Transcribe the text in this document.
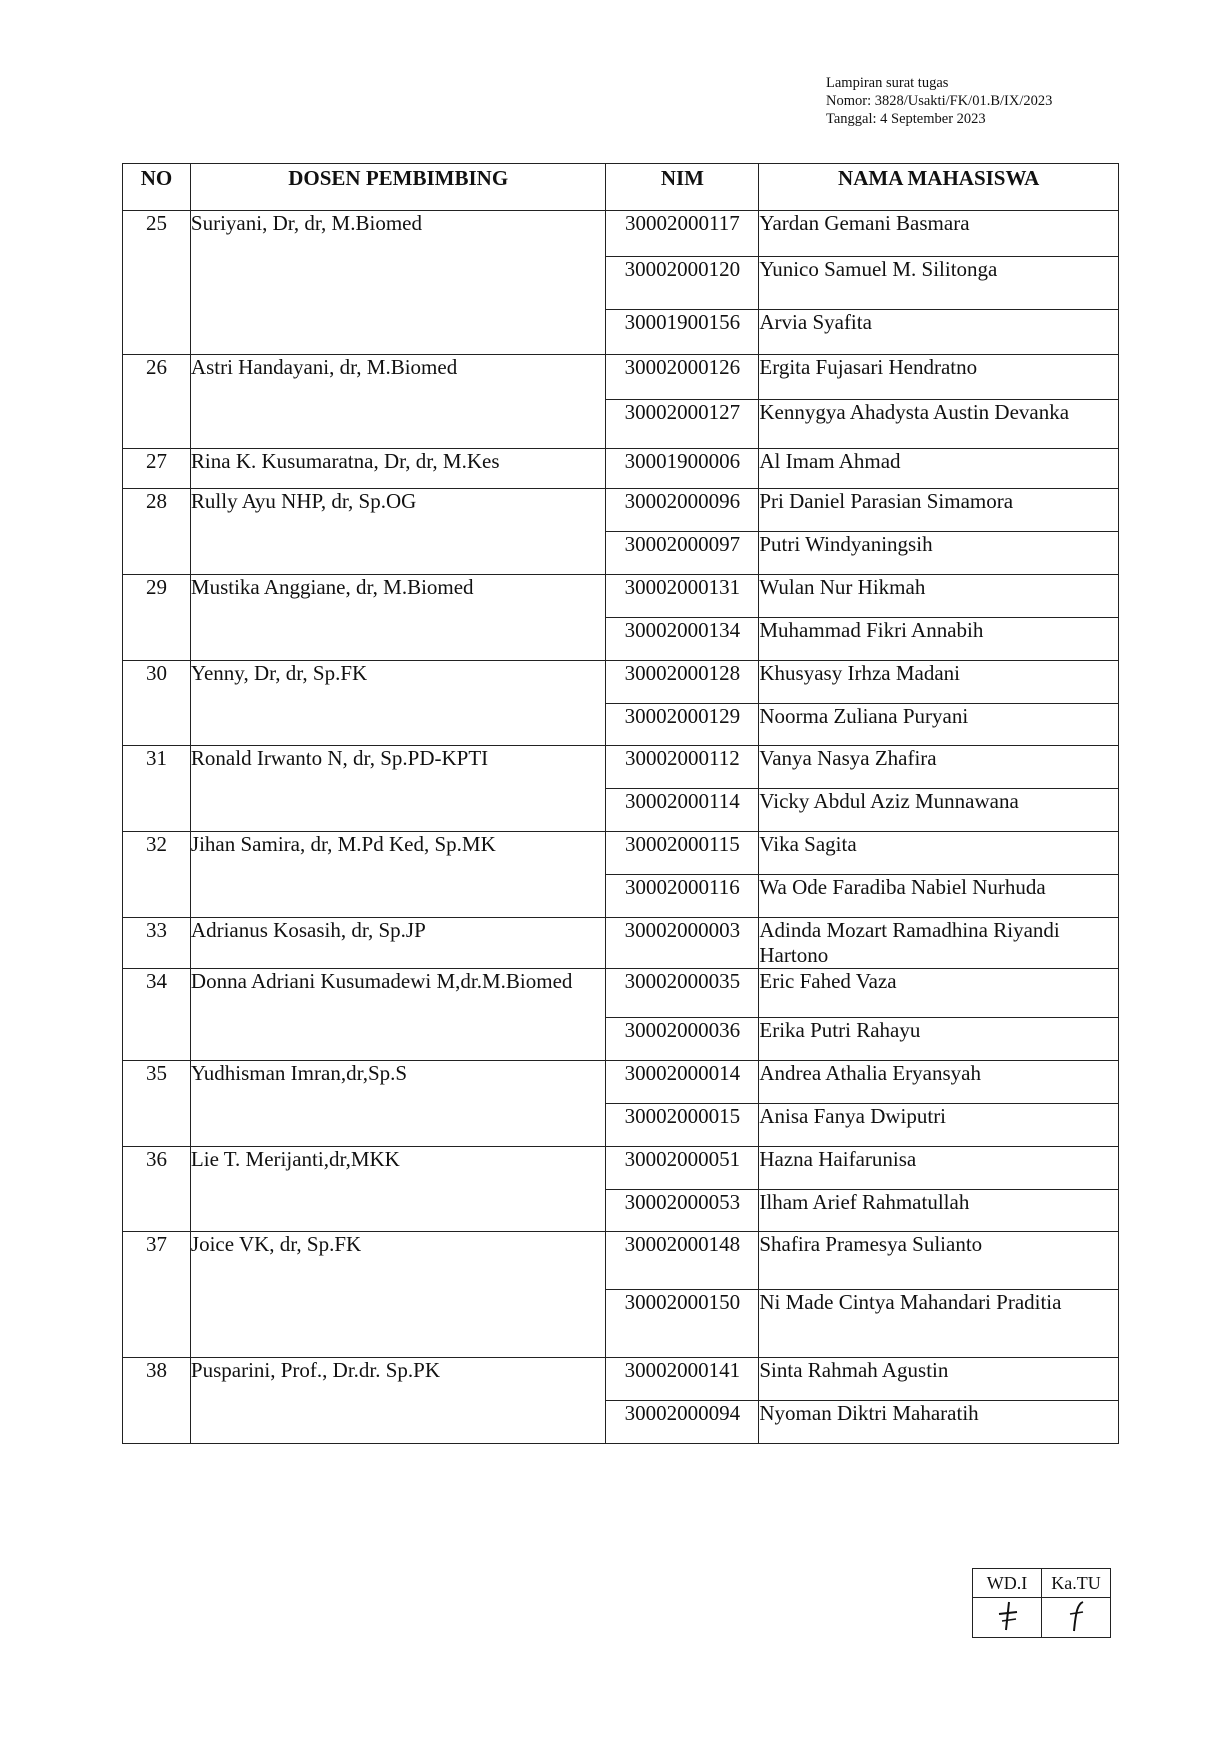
Lampiran surat tugas
Nomor: 3828/Usakti/FK/01.B/IX/2023
Tanggal: 4 September 2023
NO	DOSEN PEMBIMBING	NIM	NAMA MAHASISWA
25	Suriyani, Dr, dr, M.Biomed	30002000117	Yardan Gemani Basmara
		30002000120	Yunico Samuel M. Silitonga
		30001900156	Arvia Syafita
26	Astri Handayani, dr, M.Biomed	30002000126	Ergita Fujasari Hendratno
		30002000127	Kennygya Ahadysta Austin Devanka
27	Rina K. Kusumaratna, Dr, dr, M.Kes	30001900006	Al Imam Ahmad
28	Rully Ayu NHP, dr, Sp.OG	30002000096	Pri Daniel Parasian Simamora
		30002000097	Putri Windyaningsih
29	Mustika Anggiane, dr, M.Biomed	30002000131	Wulan Nur Hikmah
		30002000134	Muhammad Fikri Annabih
30	Yenny, Dr, dr, Sp.FK	30002000128	Khusyasy Irhza Madani
		30002000129	Noorma Zuliana Puryani
31	Ronald Irwanto N, dr, Sp.PD-KPTI	30002000112	Vanya Nasya Zhafira
		30002000114	Vicky Abdul Aziz Munnawana
32	Jihan Samira, dr, M.Pd Ked, Sp.MK	30002000115	Vika Sagita
		30002000116	Wa Ode Faradiba Nabiel Nurhuda
33	Adrianus Kosasih, dr, Sp.JP	30002000003	Adinda Mozart Ramadhina Riyandi Hartono
34	Donna Adriani Kusumadewi M,dr.M.Biomed	30002000035	Eric Fahed Vaza
		30002000036	Erika Putri Rahayu
35	Yudhisman Imran,dr,Sp.S	30002000014	Andrea Athalia Eryansyah
		30002000015	Anisa Fanya Dwiputri
36	Lie T. Merijanti,dr,MKK	30002000051	Hazna Haifarunisa
		30002000053	Ilham Arief Rahmatullah
37	Joice VK, dr, Sp.FK	30002000148	Shafira Pramesya Sulianto
		30002000150	Ni Made Cintya Mahandari Praditia
38	Pusparini, Prof., Dr.dr. Sp.PK	30002000141	Sinta Rahmah Agustin
		30002000094	Nyoman Diktri Maharatih
WD.I	Ka.TU
